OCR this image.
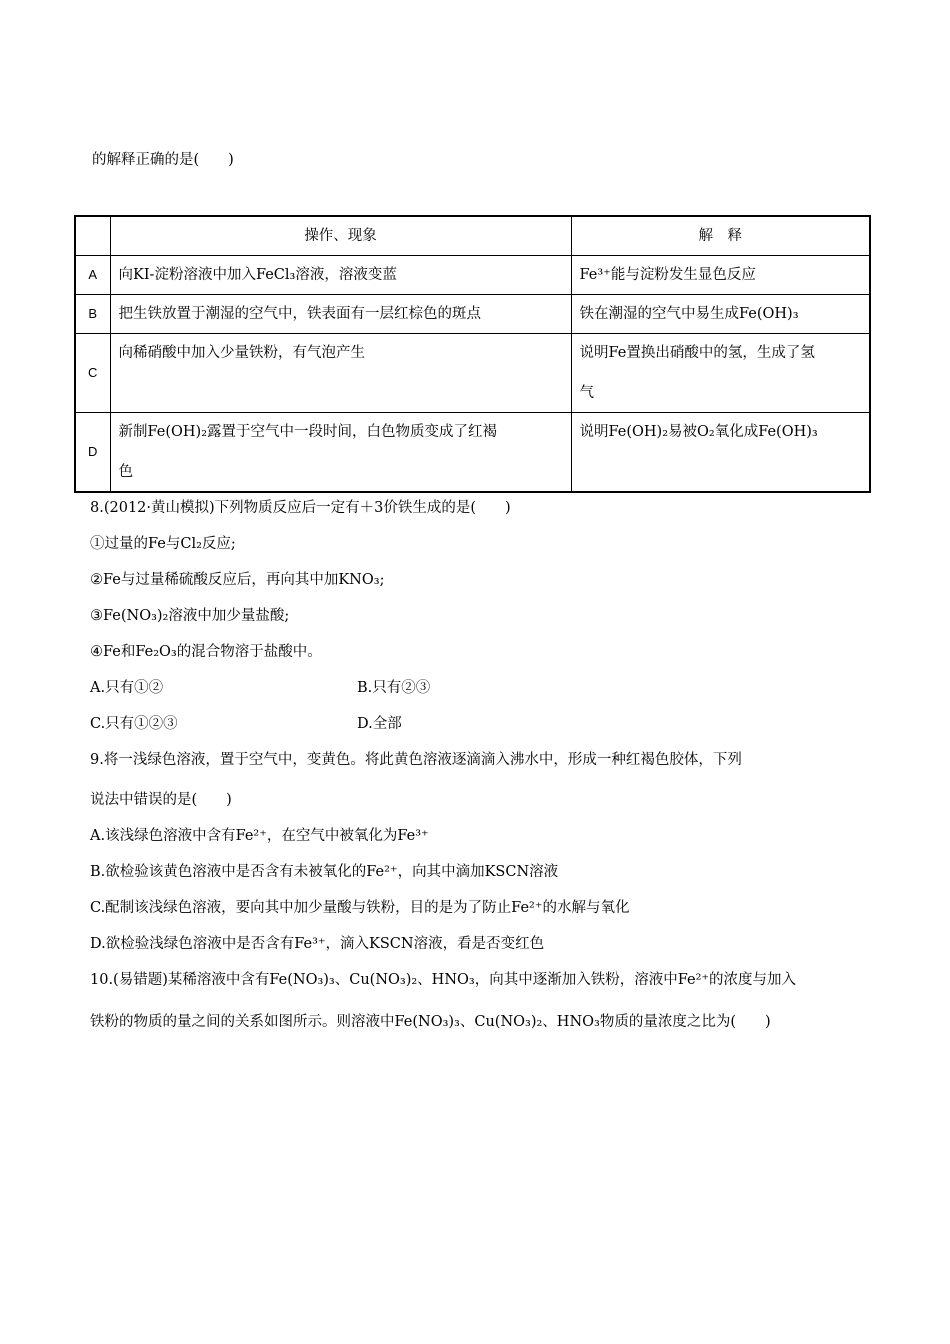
的解释正确的是(　　)
	操作、现象	解　释
A	向KI-淀粉溶液中加入FeCl₃溶液，溶液变蓝	Fe³⁺能与淀粉发生显色反应

B	把生铁放置于潮湿的空气中，铁表面有一层红棕色的斑点	铁在潮湿的空气中易生成Fe(OH)₃

C	向稀硝酸中加入少量铁粉，有气泡产生	说明Fe置换出硝酸中的氢，生成了氢
气

D	新制Fe(OH)₂露置于空气中一段时间，白色物质变成了红褐
色	说明Fe(OH)₂易被O₂氧化成Fe(OH)₃
8.(2012·黄山模拟)下列物质反应后一定有＋3价铁生成的是(　　)
①过量的Fe与Cl₂反应;
②Fe与过量稀硫酸反应后，再向其中加KNO₃;
③Fe(NO₃)₂溶液中加少量盐酸;
④Fe和Fe₂O₃的混合物溶于盐酸中。
A.只有①②	B.只有②③
C.只有①②③	D.全部
9.将一浅绿色溶液，置于空气中，变黄色。将此黄色溶液逐滴滴入沸水中，形成一种红褐色胶体，下列
说法中错误的是(　　)
A.该浅绿色溶液中含有Fe²⁺，在空气中被氧化为Fe³⁺
B.欲检验该黄色溶液中是否含有未被氧化的Fe²⁺，向其中滴加KSCN溶液
C.配制该浅绿色溶液，要向其中加少量酸与铁粉，目的是为了防止Fe²⁺的水解与氧化
D.欲检验浅绿色溶液中是否含有Fe³⁺，滴入KSCN溶液，看是否变红色
10.(易错题)某稀溶液中含有Fe(NO₃)₃、Cu(NO₃)₂、HNO₃，向其中逐渐加入铁粉，溶液中Fe²⁺的浓度与加入
铁粉的物质的量之间的关系如图所示。则溶液中Fe(NO₃)₃、Cu(NO₃)₂、HNO₃物质的量浓度之比为(　　)
